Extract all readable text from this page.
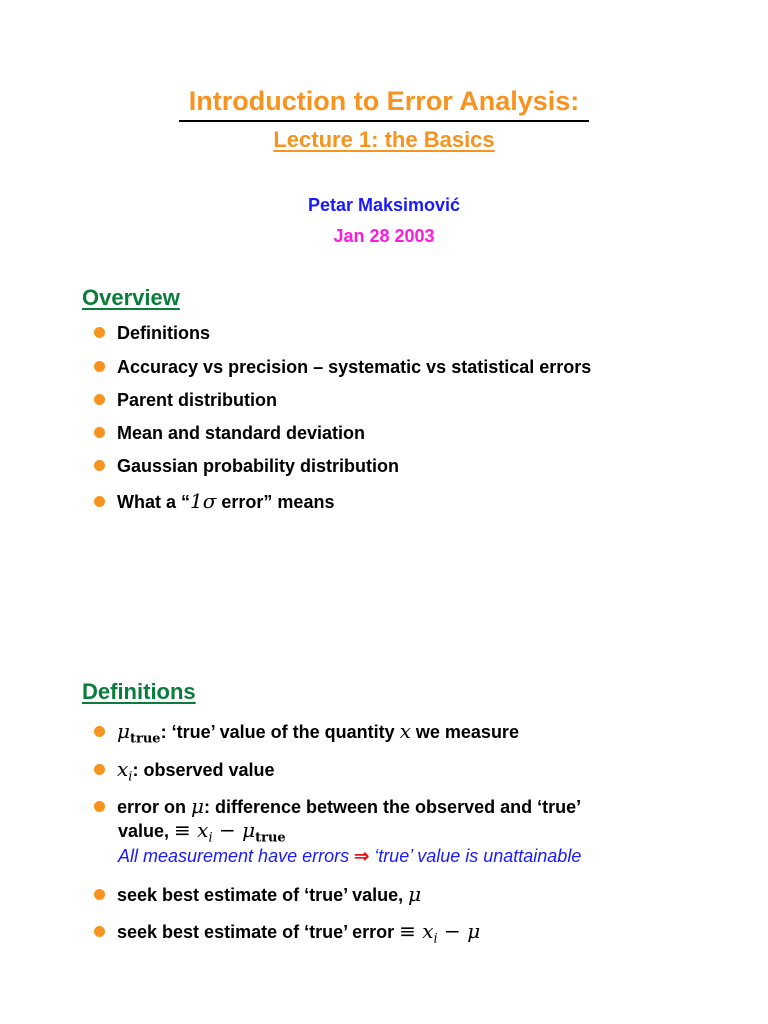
Introduction to Error Analysis:
Lecture 1: the Basics
Petar Maksimović
Jan 28 2003
Overview
Definitions
Accuracy vs precision – systematic vs statistical errors
Parent distribution
Mean and standard deviation
Gaussian probability distribution
What a “1σ error” means
Definitions
$\mu_{true}$: ‘true’ value of the quantity x we measure
$x_i$: observed value
error on μ: difference between the observed and ‘true’
value, ≡ $x_i - \mu_{true}$
All measurement have errors ⇒ ‘true’ value is unattainable
seek best estimate of ‘true’ value, μ
seek best estimate of ‘true’ error ≡ $x_i - \mu$
